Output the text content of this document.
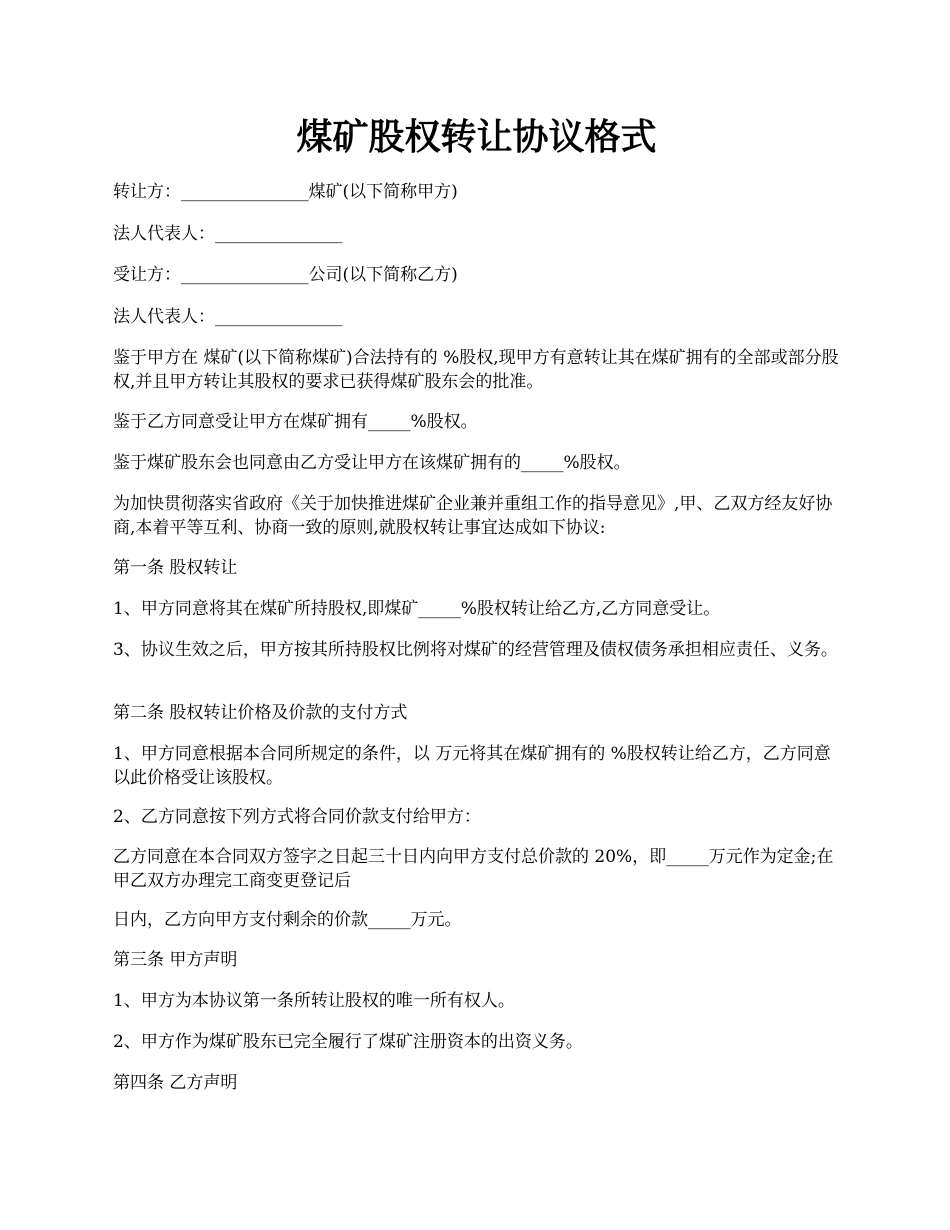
煤矿股权转让协议格式

转让方：_______________煤矿(以下简称甲方)

法人代表人：_______________

受让方：_______________公司(以下简称乙方)

法人代表人：_______________

鉴于甲方在 煤矿(以下简称煤矿)合法持有的 %股权,现甲方有意转让其在煤矿拥有的全部或部分股权,并且甲方转让其股权的要求已获得煤矿股东会的批准。

鉴于乙方同意受让甲方在煤矿拥有_____%股权。

鉴于煤矿股东会也同意由乙方受让甲方在该煤矿拥有的_____%股权。

为加快贯彻落实省政府《关于加快推进煤矿企业兼并重组工作的指导意见》,甲、乙双方经友好协商,本着平等互利、协商一致的原则,就股权转让事宜达成如下协议:

第一条 股权转让

1、甲方同意将其在煤矿所持股权,即煤矿_____%股权转让给乙方,乙方同意受让。

3、协议生效之后，甲方按其所持股权比例将对煤矿的经营管理及债权债务承担相应责任、义务。

第二条 股权转让价格及价款的支付方式

1、甲方同意根据本合同所规定的条件，以 万元将其在煤矿拥有的 %股权转让给乙方，乙方同意以此价格受让该股权。

2、乙方同意按下列方式将合同价款支付给甲方：

乙方同意在本合同双方签字之日起三十日内向甲方支付总价款的 20%，即_____万元作为定金;在甲乙双方办理完工商变更登记后

日内，乙方向甲方支付剩余的价款_____万元。

第三条 甲方声明

1、甲方为本协议第一条所转让股权的唯一所有权人。

2、甲方作为煤矿股东已完全履行了煤矿注册资本的出资义务。

第四条 乙方声明
